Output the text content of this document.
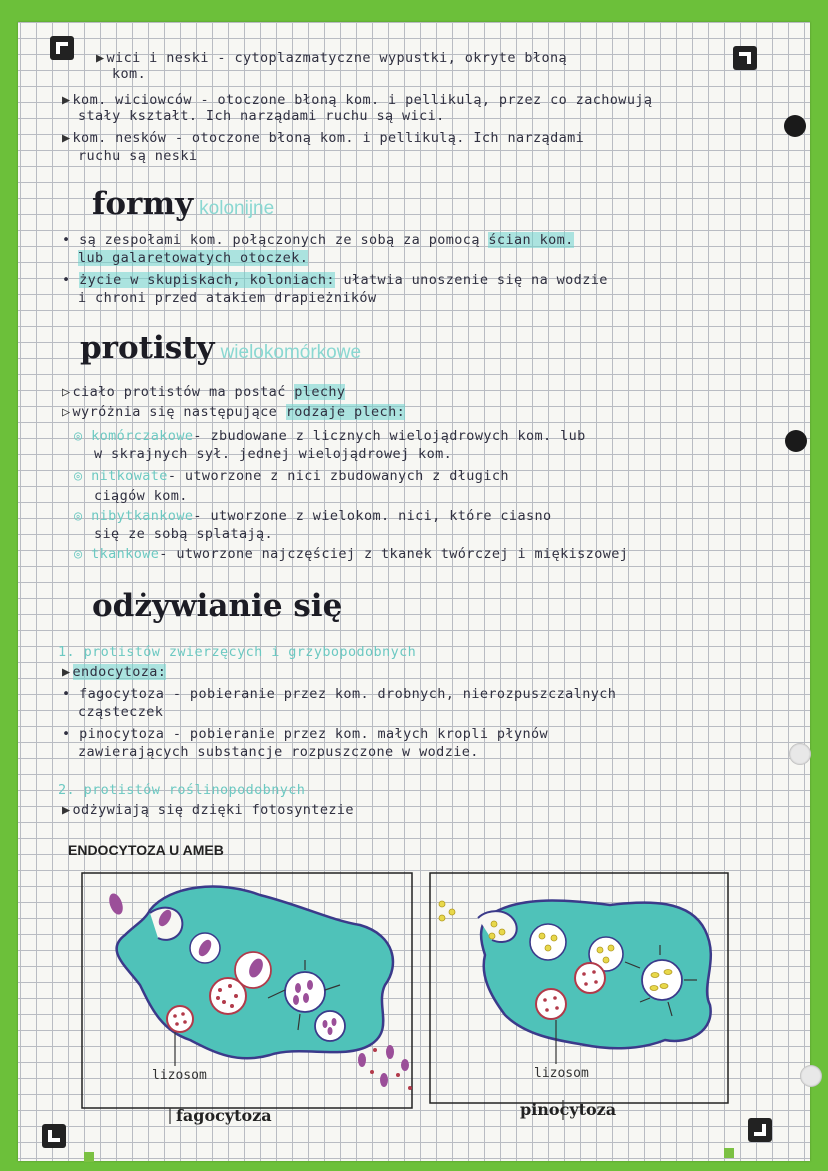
▶ wici i neski - cytoplazmatyczne wypustki, okryte błoną
kom.
▶ kom. wiciowców - otoczone błoną kom. i pellikulą, przez co zachowują
stały kształt. Ich narządami ruchu są wici.
▶ kom. nesków - otoczone błoną kom. i pellikulą. Ich narządami
ruchu są neski
formy kolonijne
• są zespołami kom. połączonych ze sobą za pomocą ścian kom.
lub galaretowatych otoczek.
• życie w skupiskach, koloniach: ułatwia unoszenie się na wodzie
i chroni przed atakiem drapieżników
protisty wielokomórkowe
▷ ciało protistów ma postać plechy
▷ wyróżnia się następujące rodzaje plech:
◎ komórczakowe- zbudowane z licznych wielojądrowych kom. lub
w skrajnych sył. jednej wielojądrowej kom.
◎ nitkowate- utworzone z nici zbudowanych z długich
ciągów kom.
◎ nibytkankowe- utworzone z wielokom. nici, które ciasno
się ze sobą splatają.
◎ tkankowe- utworzone najczęściej z tkanek twórczej i miękiszowej
odżywianie się
1. protistów zwierzęcych i grzybopodobnych
▶ endocytoza:
• fagocytoza - pobieranie przez kom. drobnych, nierozpuszczalnych
cząsteczek
• pinocytoza - pobieranie przez kom. małych kropli płynów
zawierających substancje rozpuszczone w wodzie.
2. protistów roślinopodobnych
▶ odżywiają się dzięki fotosyntezie
ENDOCYTOZA U AMEB
lizosom
fagocytoza
lizosom
pinocytoza
